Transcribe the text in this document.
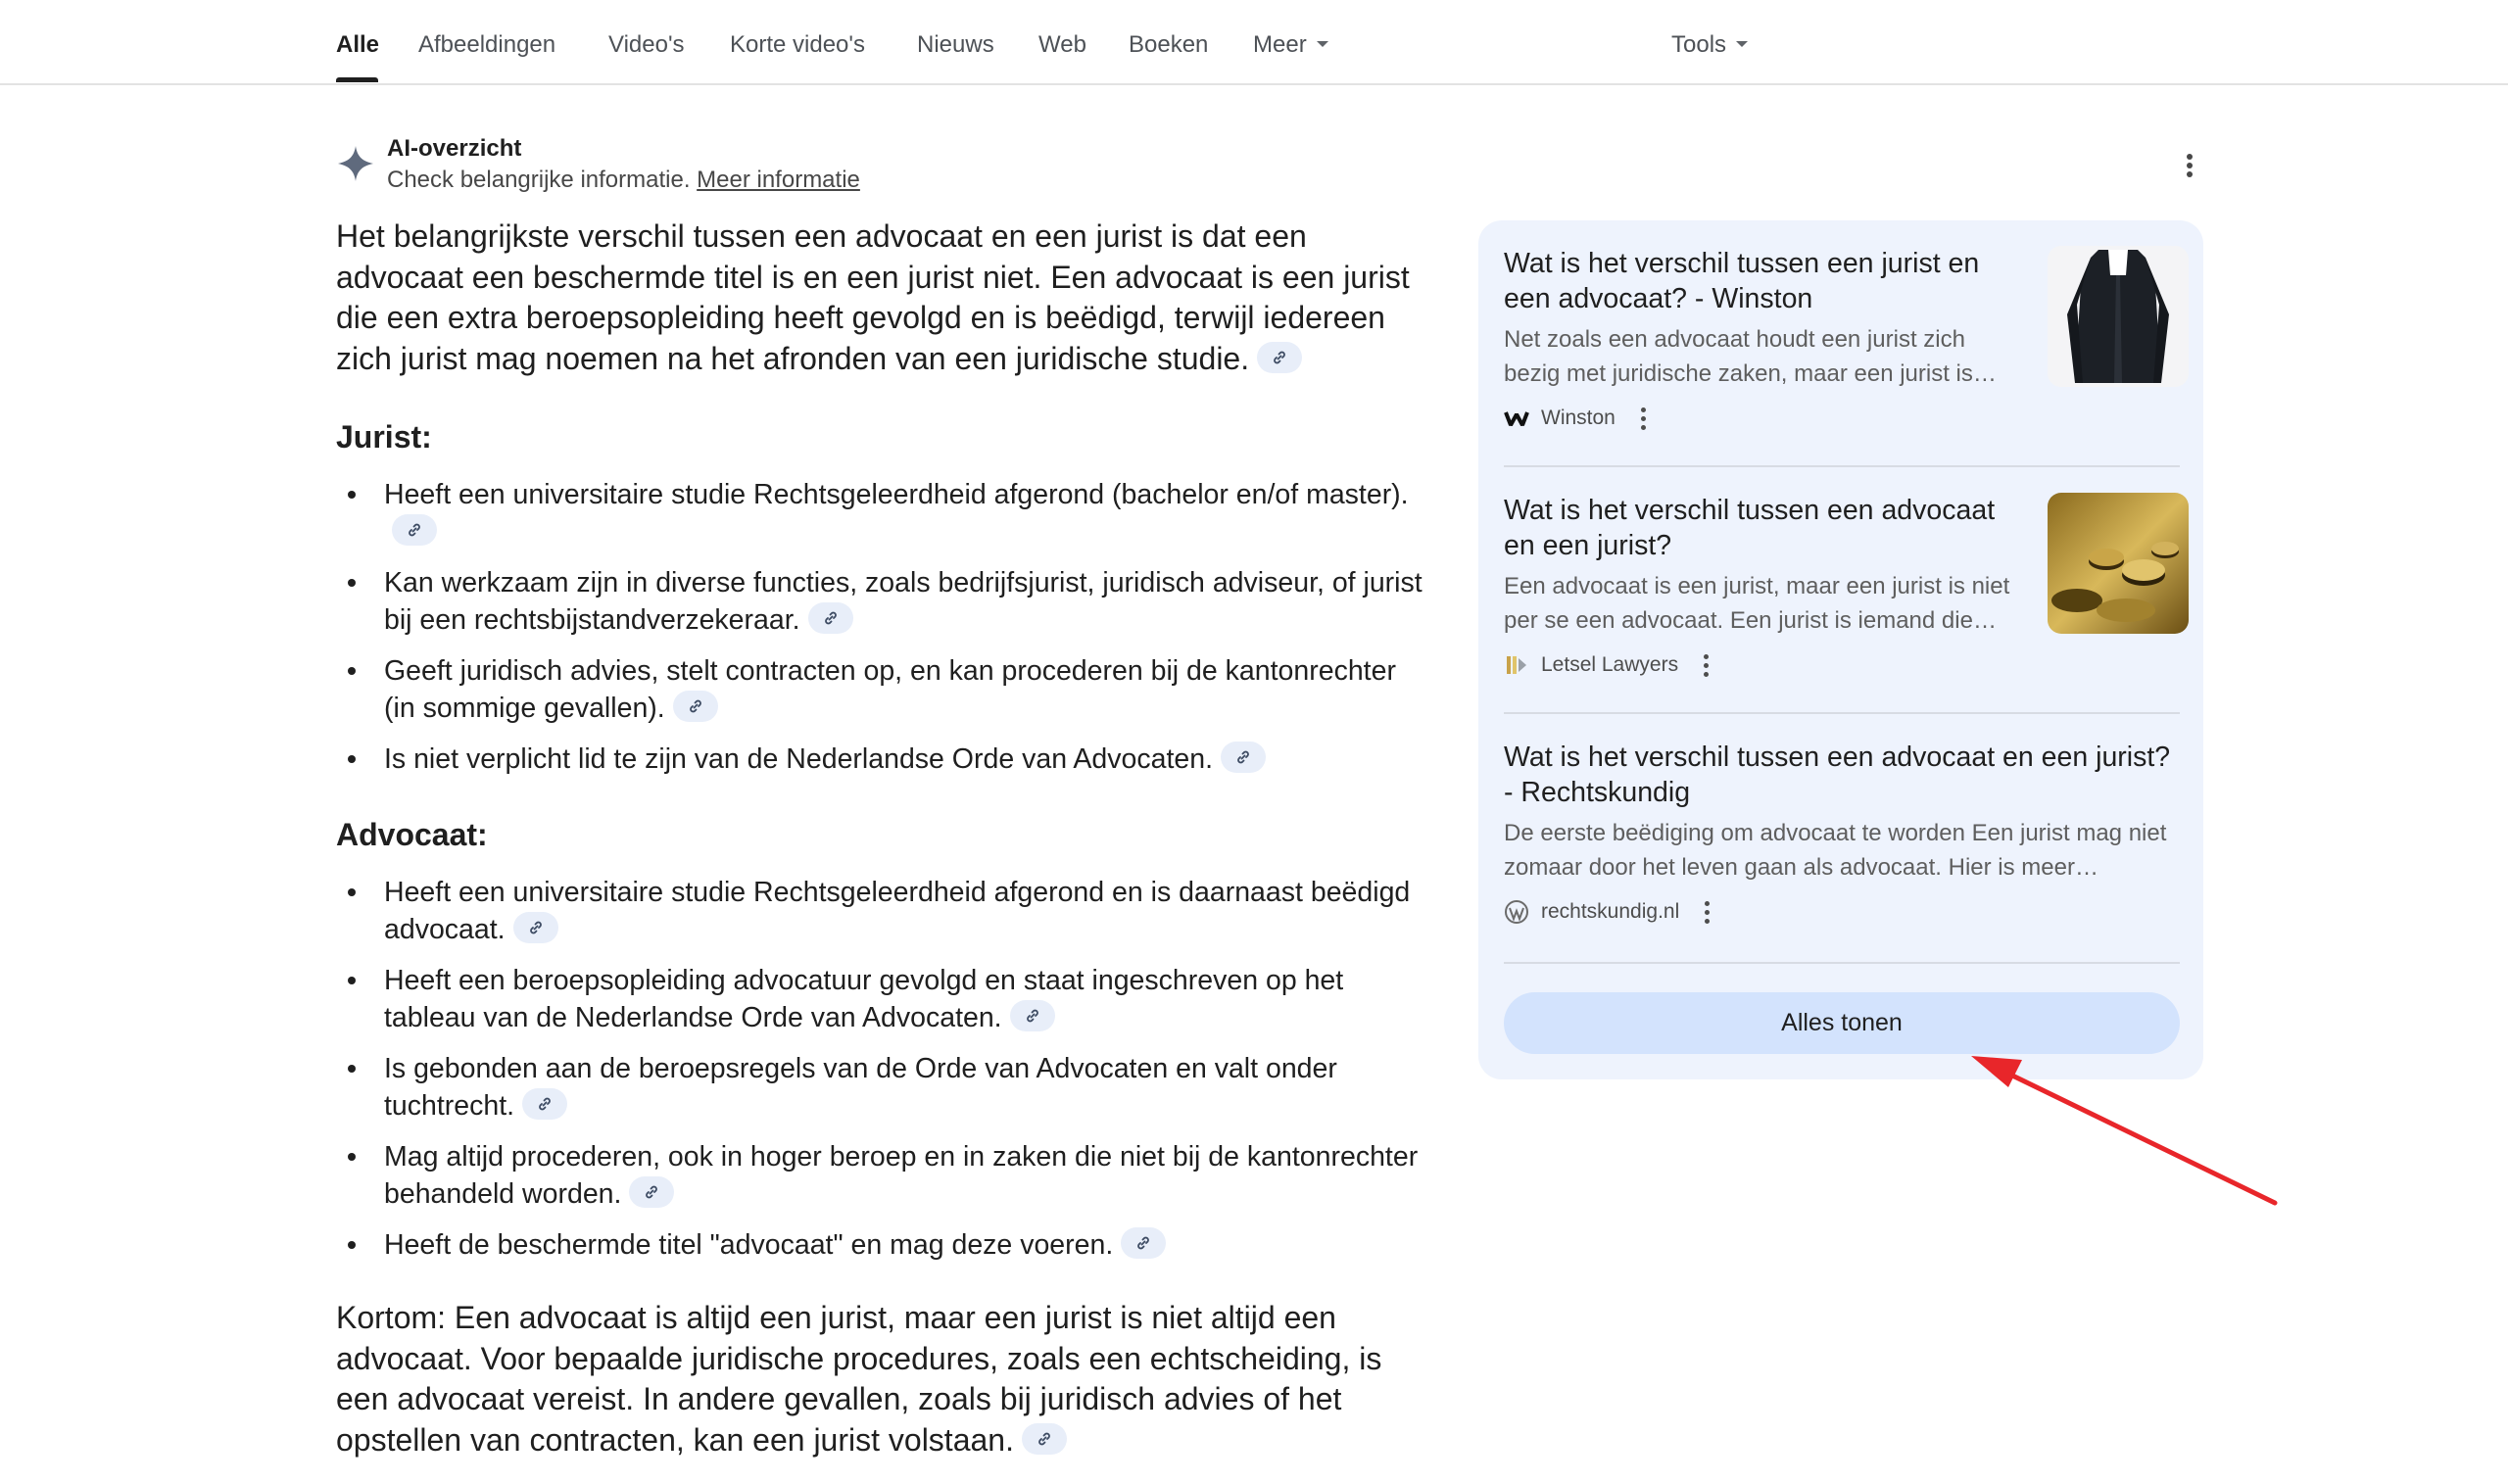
Alle Afbeeldingen Video's Korte video's Nieuws Web Boeken Meer	Tools
AI-overzicht
Check belangrijke informatie. Meer informatie

Het belangrijkste verschil tussen een advocaat en een jurist is dat een advocaat een beschermde titel is en een jurist niet. Een advocaat is een jurist die een extra beroepsopleiding heeft gevolgd en is beëdigd, terwijl iedereen zich jurist mag noemen na het afronden van een juridische studie.

Jurist:
Heeft een universitaire studie Rechtsgeleerdheid afgerond (bachelor en/of master).
Kan werkzaam zijn in diverse functies, zoals bedrijfsjurist, juridisch adviseur, of jurist bij een rechtsbijstandverzekeraar.
Geeft juridisch advies, stelt contracten op, en kan procederen bij de kantonrechter (in sommige gevallen).
Is niet verplicht lid te zijn van de Nederlandse Orde van Advocaten.
Advocaat:
Heeft een universitaire studie Rechtsgeleerdheid afgerond en is daarnaast beëdigd advocaat.
Heeft een beroepsopleiding advocatuur gevolgd en staat ingeschreven op het tableau van de Nederlandse Orde van Advocaten.
Is gebonden aan de beroepsregels van de Orde van Advocaten en valt onder tuchtrecht.
Mag altijd procederen, ook in hoger beroep en in zaken die niet bij de kantonrechter behandeld worden.
Heeft de beschermde titel "advocaat" en mag deze voeren.

Kortom: Een advocaat is altijd een jurist, maar een jurist is niet altijd een advocaat. Voor bepaalde juridische procedures, zoals een echtscheiding, is een advocaat vereist. In andere gevallen, zoals bij juridisch advies of het opstellen van contracten, kan een jurist volstaan.

Wat is het verschil tussen een jurist en een advocaat? - Winston
Net zoals een advocaat houdt een jurist zich bezig met juridische zaken, maar een jurist is…
Winston
Wat is het verschil tussen een advocaat en een jurist?
Een advocaat is een jurist, maar een jurist is niet per se een advocaat. Een jurist is iemand die…
Letsel Lawyers
Wat is het verschil tussen een advocaat en een jurist? - Rechtskundig
De eerste beëdiging om advocaat te worden Een jurist mag niet zomaar door het leven gaan als advocaat. Hier is meer…
rechtskundig.nl
Alles tonen
